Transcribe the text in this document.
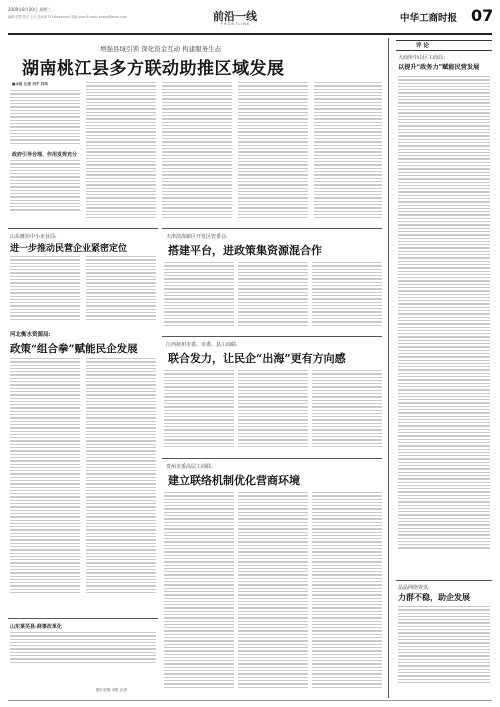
2009年8月20日 星期三
编辑 张智 校对 王红 电话(0731)8xxxxxxx 美编 xxxx E-mail: xxxxx@xxxx.com	前沿一线
FRONTLINE	中华工商时报 07
增强县域引领 深化资金互动 构建服务生态
湖南桃江县多方联动助推区域发展
■本报 记者 刘宇 苏伟
政府引导合理、作用发挥充分
山东潍坊中小企业局:
进一步推动民营企业紧密定位
河北衡水资源局:
政策“组合拳”赋能民企发展
天津滨海新区开发区管委会:
搭建平台，进政策集资源混合作
江西抚州市委、市委、县工商联:
联合发力，让民企“出海”更有方向感
贵州市委高层工商联:
建立联络机制优化营商环境
山东莱芜县:商事改革化
图片说明 本报 记者
评 论
大商所中山区工商局：
以提升“政务力”赋能民营发展
晶晶网络资讯:
力群不稳，助企发展
